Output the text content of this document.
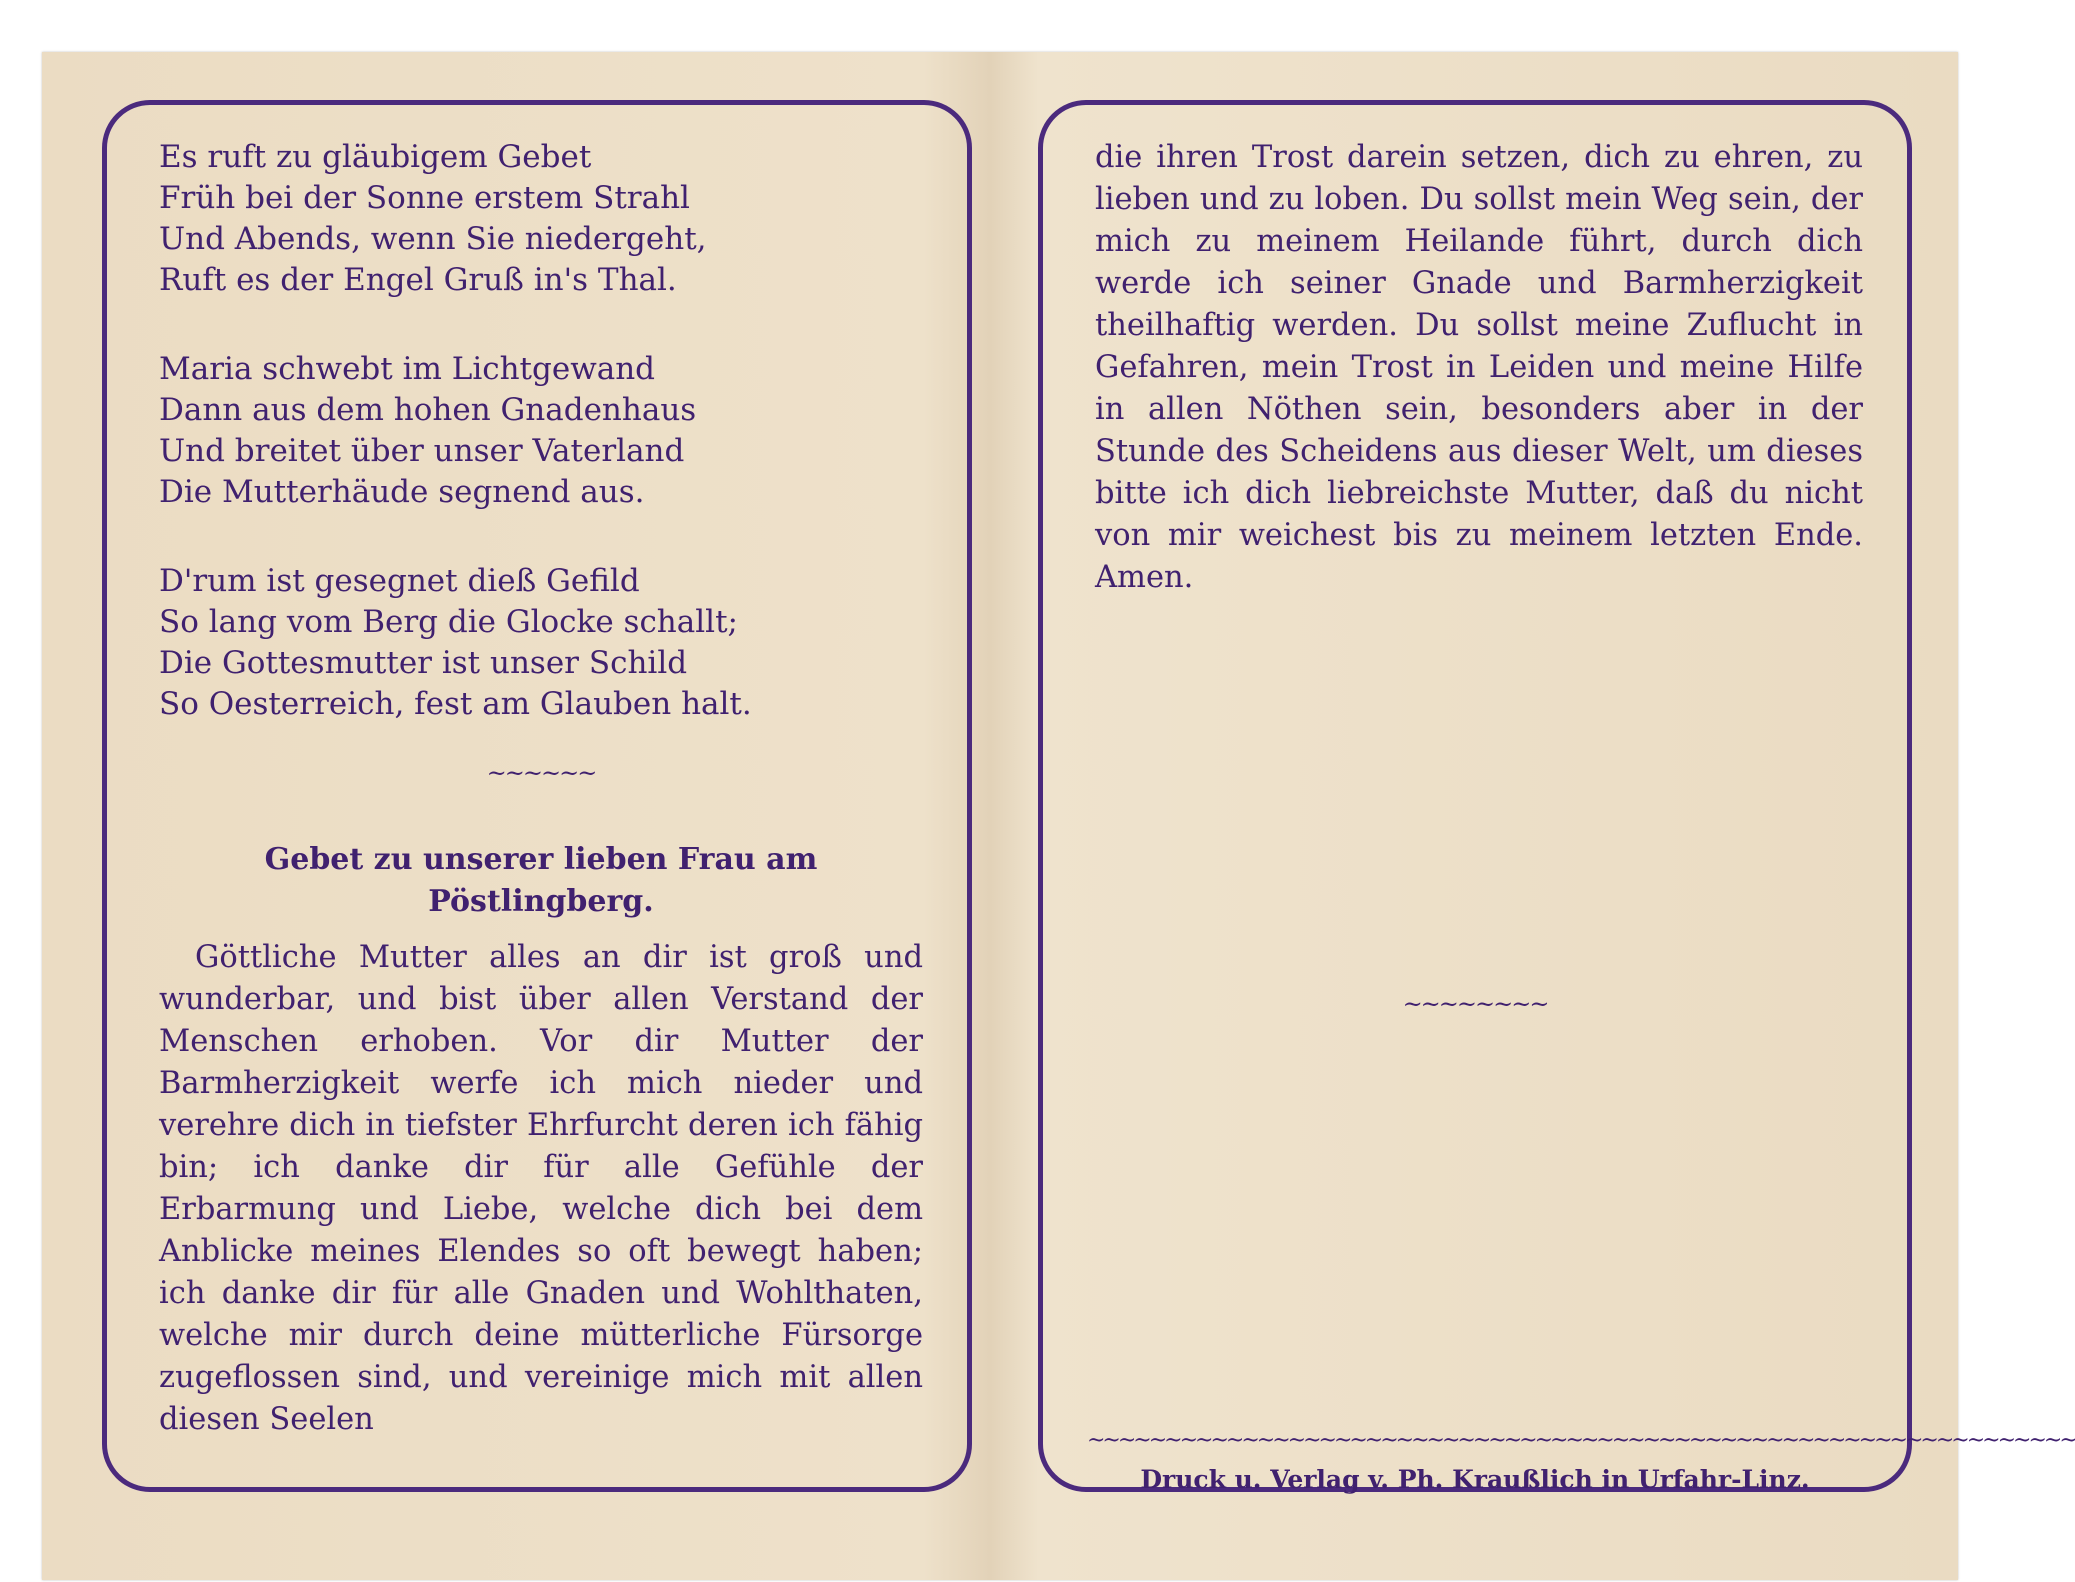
Es ruft zu gläubigem Gebet
Früh bei der Sonne erstem Strahl
Und Abends, wenn Sie niedergeht,
Ruft es der Engel Gruß in's Thal.
Maria schwebt im Lichtgewand
Dann aus dem hohen Gnadenhaus
Und breitet über unser Vaterland
Die Mutterhäude segnend aus.
D'rum ist gesegnet dieß Gefild
So lang vom Berg die Glocke schallt;
Die Gottesmutter ist unser Schild
So Oesterreich, fest am Glauben halt.
~~~~~~
Gebet zu unserer lieben Frau am Pöstlingberg.

Göttliche Mutter alles an dir ist groß und wunderbar, und bist über allen Verstand der Menschen erhoben. Vor dir Mutter der Barmherzigkeit werfe ich mich nieder und verehre dich in tiefster Ehrfurcht deren ich fähig bin; ich danke dir für alle Gefühle der Erbarmung und Liebe, welche dich bei dem Anblicke meines Elendes so oft bewegt haben; ich danke dir für alle Gnaden und Wohlthaten, welche mir durch deine mütterliche Fürsorge zugeflossen sind, und vereinige mich mit allen diesen Seelen

die ihren Trost darein setzen, dich zu ehren, zu lieben und zu loben. Du sollst mein Weg sein, der mich zu meinem Heilande führt, durch dich werde ich seiner Gnade und Barmherzigkeit theilhaftig werden. Du sollst meine Zuflucht in Gefahren, mein Trost in Leiden und meine Hilfe in allen Nöthen sein, besonders aber in der Stunde des Scheidens aus dieser Welt, um dieses bitte ich dich liebreichste Mutter, daß du nicht von mir weichest bis zu meinem letzten Ende. Amen.

~~~~~~~~
~~~~~~~~~~~~~~~~~~~~~~~~~~~~~~~~~~~~~~~~~~~~~~~~~~~~~~~~~~~~~~~~
Druck u. Verlag v. Ph. Kraußlich in Urfahr-Linz.
